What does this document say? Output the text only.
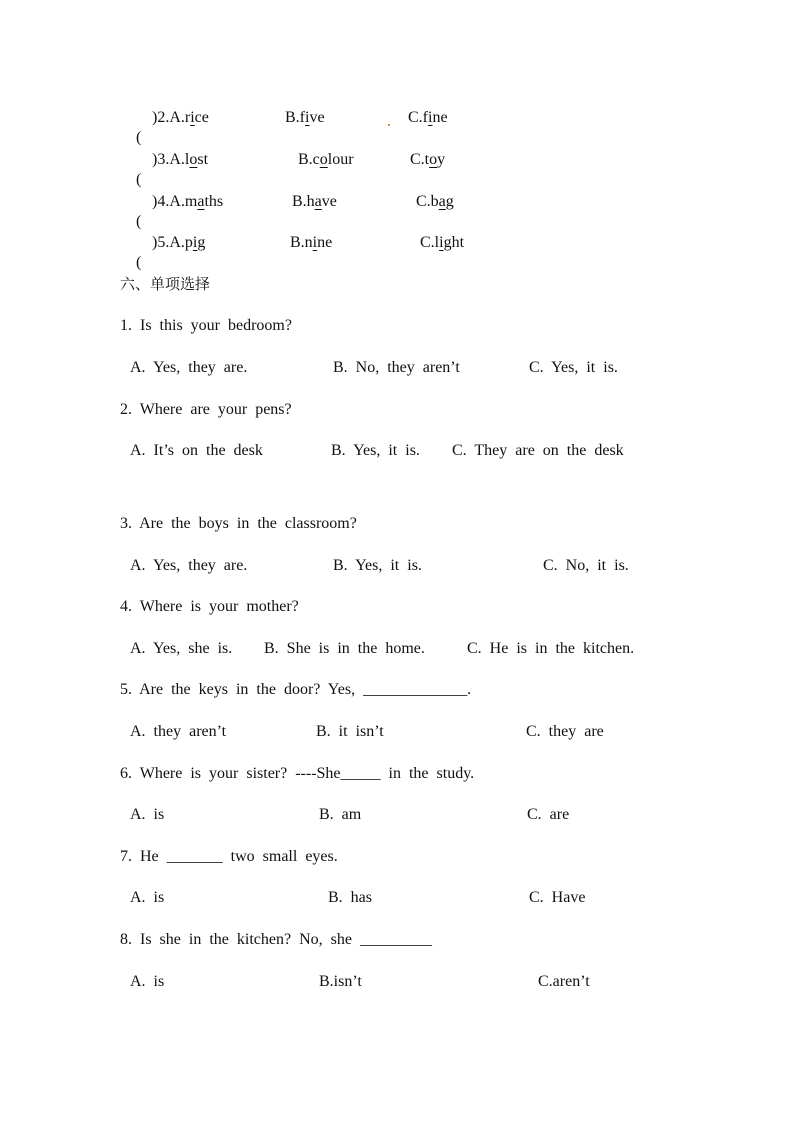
(

)2.A.rice	B.five	C.fine

(

)3.A.lost	B.colour	C.toy

(

)4.A.maths	B.have	C.bag

(

)5.A.pig	B.nine	C.light
六、单项选择
1.  Is  this  your  bedroom?
A.  Yes,  they  are.	B.  No,  they  aren’t	C.  Yes,  it  is.
2.  Where  are  your  pens?
A.  It’s  on  the  desk	B.  Yes,  it  is. C.  They  are  on  the  desk
3.  Are  the  boys  in  the  classroom?
A.  Yes,  they  are.	B.  Yes,  it  is.	C.  No,  it  is.
4.  Where  is  your  mother?
A.  Yes,  she  is. B.  She  is  in  the  home.	C.  He  is  in  the  kitchen.
5.  Are  the  keys  in  the  door?  Yes,  _____________.
A.  they  aren’t	B.  it  isn’t	C.  they  are
6.  Where  is  your  sister?  ----She_____  in  the  study.
A.  is	B.  am	C.  are
7.  He  _______  two  small  eyes.
A.  is	B.  has	C.  Have
8.  Is  she  in  the  kitchen?  No,  she  _________
A.  is	B.isn’t	C.aren’t
